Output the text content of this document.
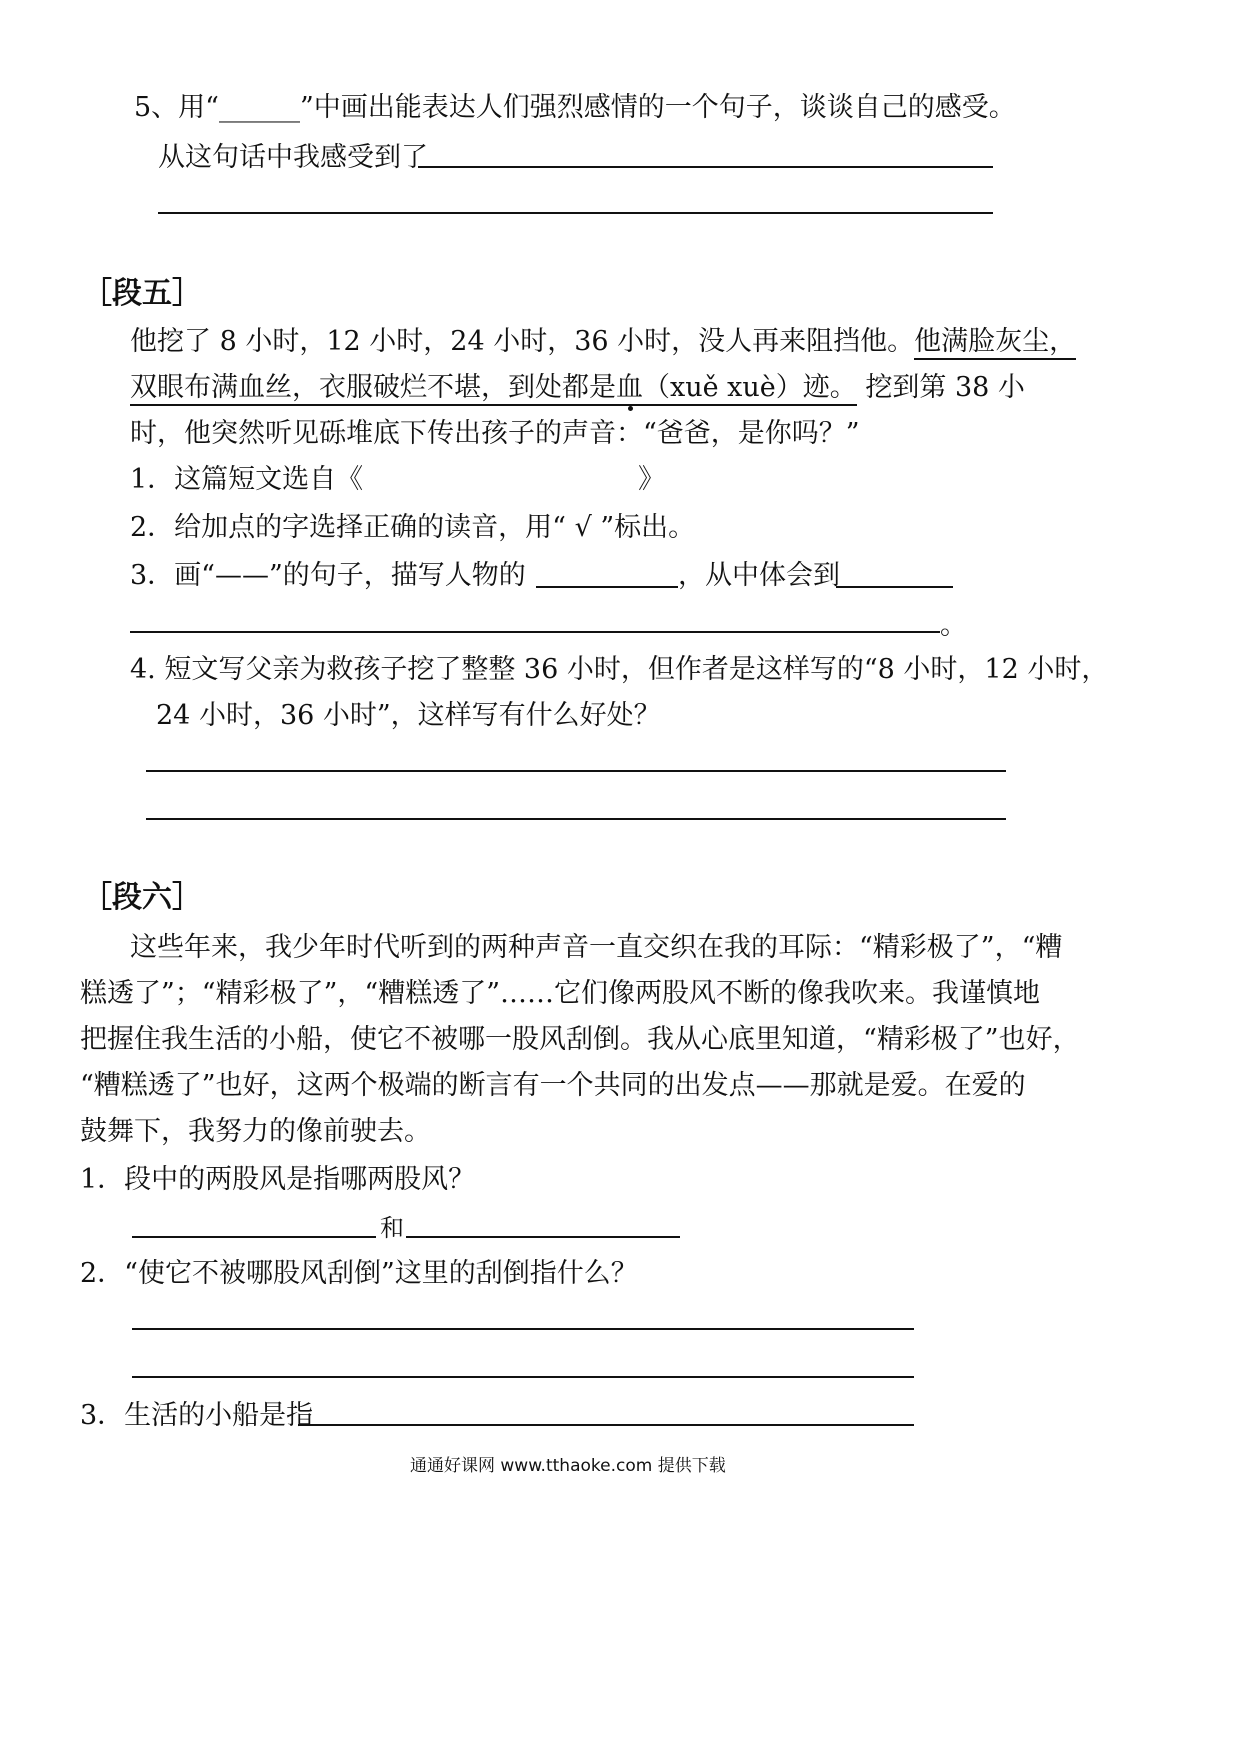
5、用“______”中画出能表达人们强烈感情的一个句子，谈谈自己的感受。
从这句话中我感受到了
［段五］
他挖了 8 小时，12 小时，24 小时，36 小时，没人再来阻挡他。他满脸灰尘，
双眼布满血丝，衣服破烂不堪，到处都是血（xuě xuè）迹。 挖到第 38 小
时，他突然听见砾堆底下传出孩子的声音：“爸爸，是你吗？”
1．这篇短文选自《	》
2．给加点的字选择正确的读音，用“ √ ”标出。
3．画“——”的句子，描写人物的	，从中体会到
。
4. 短文写父亲为救孩子挖了整整 36 小时，但作者是这样写的“8 小时，12 小时，
24 小时，36 小时”，这样写有什么好处？
［段六］
这些年来，我少年时代听到的两种声音一直交织在我的耳际：“精彩极了”，“糟
糕透了”；“精彩极了”，“糟糕透了”……它们像两股风不断的像我吹来。我谨慎地
把握住我生活的小船，使它不被哪一股风刮倒。我从心底里知道，“精彩极了”也好，
“糟糕透了”也好，这两个极端的断言有一个共同的出发点——那就是爱。在爱的
鼓舞下，我努力的像前驶去。
1．段中的两股风是指哪两股风？
和
2．“使它不被哪股风刮倒”这里的刮倒指什么？
3．生活的小船是指
通通好课网 www.tthaoke.com 提供下载
